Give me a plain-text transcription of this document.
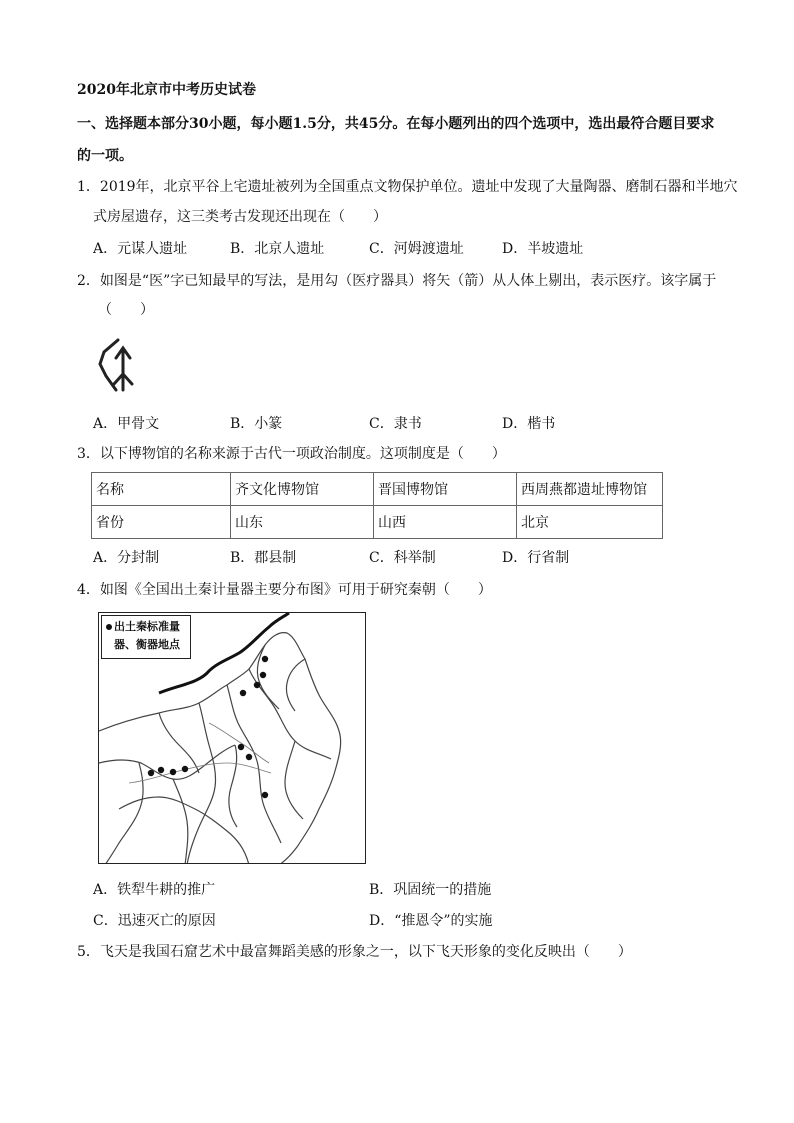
2020年北京市中考历史试卷
一、选择题本部分30小题，每小题1.5分，共45分。在每小题列出的四个选项中，选出最符合题目要求
的一项。
1．2019年，北京平谷上宅遗址被列为全国重点文物保护单位。遗址中发现了大量陶器、磨制石器和半地穴
式房屋遗存，这三类考古发现还出现在（　　）
A．元谋人遗址	B．北京人遗址	C．河姆渡遗址	D．半坡遗址
2．如图是“医”字已知最早的写法，是用勾（医疗器具）将矢（箭）从人体上剔出，表示医疗。该字属于
（　　）
A．甲骨文	B．小篆	C．隶书	D．楷书
3．以下博物馆的名称来源于古代一项政治制度。这项制度是（　　）
名称	齐文化博物馆	晋国博物馆	西周燕都遗址博物馆
省份	山东	山西	北京
A．分封制	B．郡县制	C．科举制	D．行省制
4．如图《全国出土秦计量器主要分布图》可用于研究秦朝（　　）
出土秦标准量
器、衡器地点
A．铁犁牛耕的推广	B．巩固统一的措施
C．迅速灭亡的原因	D．“推恩令”的实施
5．飞天是我国石窟艺术中最富舞蹈美感的形象之一，以下飞天形象的变化反映出（　　）
